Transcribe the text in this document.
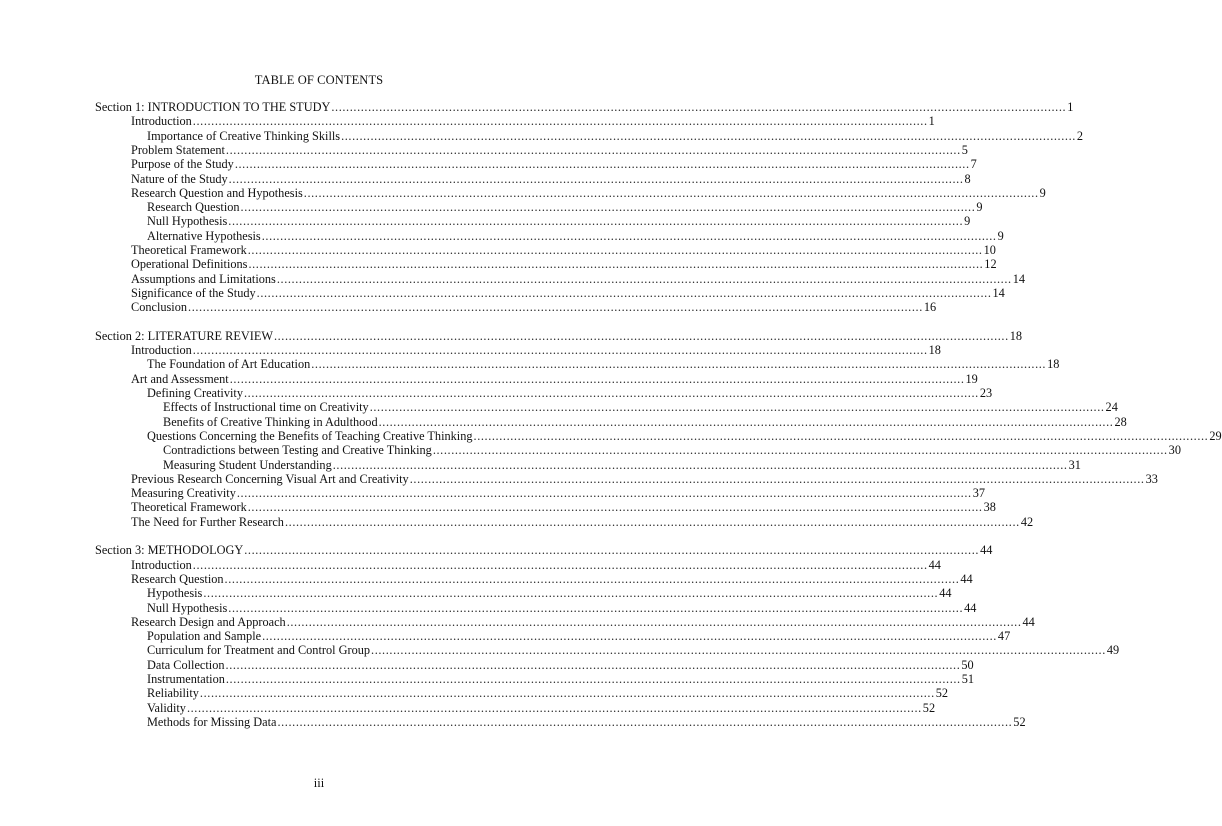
TABLE OF CONTENTS
Section 1: INTRODUCTION TO THE STUDY ........................................................................................................................................................................................................ 1
Introduction ........................................................................................................................................................................................................ 1
Importance of Creative Thinking Skills ........................................................................................................................................................................................................ 2
Problem Statement ........................................................................................................................................................................................................ 5
Purpose of the Study ........................................................................................................................................................................................................ 7
Nature of the Study ........................................................................................................................................................................................................ 8
Research Question and Hypothesis ........................................................................................................................................................................................................ 9
Research Question ........................................................................................................................................................................................................ 9
Null Hypothesis ........................................................................................................................................................................................................ 9
Alternative Hypothesis ........................................................................................................................................................................................................ 9
Theoretical Framework ........................................................................................................................................................................................................ 10
Operational Definitions ........................................................................................................................................................................................................ 12
Assumptions and Limitations ........................................................................................................................................................................................................ 14
Significance of the Study ........................................................................................................................................................................................................ 14
Conclusion ........................................................................................................................................................................................................ 16
Section 2: LITERATURE REVIEW ........................................................................................................................................................................................................ 18
Introduction ........................................................................................................................................................................................................ 18
The Foundation of Art Education ........................................................................................................................................................................................................ 18
Art and Assessment ........................................................................................................................................................................................................ 19
Defining Creativity ........................................................................................................................................................................................................ 23
Effects of Instructional time on Creativity ........................................................................................................................................................................................................ 24
Benefits of Creative Thinking in Adulthood ........................................................................................................................................................................................................ 28
Questions Concerning the Benefits of Teaching Creative Thinking ........................................................................................................................................................................................................ 29
Contradictions between Testing and Creative Thinking ........................................................................................................................................................................................................ 30
Measuring Student Understanding ........................................................................................................................................................................................................ 31
Previous Research Concerning Visual Art and Creativity ........................................................................................................................................................................................................ 33
Measuring Creativity ........................................................................................................................................................................................................ 37
Theoretical Framework ........................................................................................................................................................................................................ 38
The Need for Further Research ........................................................................................................................................................................................................ 42
Section 3: METHODOLOGY ........................................................................................................................................................................................................ 44
Introduction ........................................................................................................................................................................................................ 44
Research Question ........................................................................................................................................................................................................ 44
Hypothesis ........................................................................................................................................................................................................ 44
Null Hypothesis ........................................................................................................................................................................................................ 44
Research Design and Approach ........................................................................................................................................................................................................ 44
Population and Sample ........................................................................................................................................................................................................ 47
Curriculum for Treatment and Control Group ........................................................................................................................................................................................................ 49
Data Collection ........................................................................................................................................................................................................ 50
Instrumentation ........................................................................................................................................................................................................ 51
Reliability ........................................................................................................................................................................................................ 52
Validity ........................................................................................................................................................................................................ 52
Methods for Missing Data ........................................................................................................................................................................................................ 52
iii
